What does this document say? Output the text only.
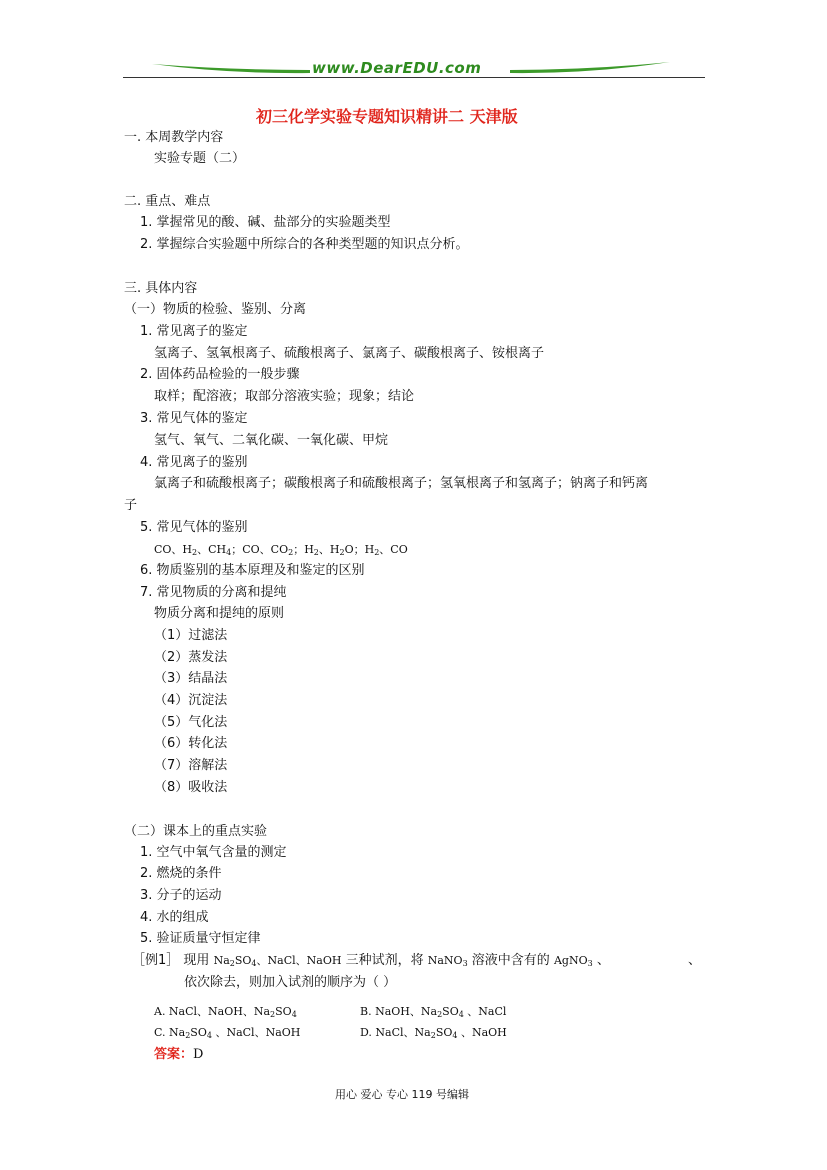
www.DearEDU.com
初三化学实验专题知识精讲二 天津版
一. 本周教学内容
实验专题（二）
二. 重点、难点
1. 掌握常见的酸、碱、盐部分的实验题类型
2. 掌握综合实验题中所综合的各种类型题的知识点分析。
三. 具体内容
（一）物质的检验、鉴别、分离
1. 常见离子的鉴定
氢离子、氢氧根离子、硫酸根离子、氯离子、碳酸根离子、铵根离子
2. 固体药品检验的一般步骤
取样；配溶液；取部分溶液实验；现象；结论
3. 常见气体的鉴定
氢气、氧气、二氧化碳、一氧化碳、甲烷
4. 常见离子的鉴别
氯离子和硫酸根离子；碳酸根离子和硫酸根离子；氢氧根离子和氢离子；钠离子和钙离
子
5. 常见气体的鉴别
CO、$H_2$、$CH_4$；CO、$CO_2$；$H_2$、$H_2O$；$H_2$、CO
6. 物质鉴别的基本原理及和鉴定的区别
7. 常见物质的分离和提纯
物质分离和提纯的原则
（1）过滤法
（2）蒸发法
（3）结晶法
（4）沉淀法
（5）气化法
（6）转化法
（7）溶解法
（8）吸收法
（二）课本上的重点实验
1. 空气中氧气含量的测定
2. 燃烧的条件
3. 分子的运动
4. 水的组成
5. 验证质量守恒定律
［例1］ 现用 $Na_2SO_4$、NaCl、NaOH 三种试剂，将 NaNO$_3$ 溶液中含有的 AgNO$_3$ 、	、
依次除去，则加入试剂的顺序为（ ）
A. NaCl、NaOH、$Na_2SO_4$	B. NaOH、$Na_2SO_4$ 、NaCl
C. $Na_2SO_4$ 、NaCl、NaOH	D. NaCl、$Na_2SO_4$ 、NaOH
答案：D
用心 爱心 专心 119 号编辑
